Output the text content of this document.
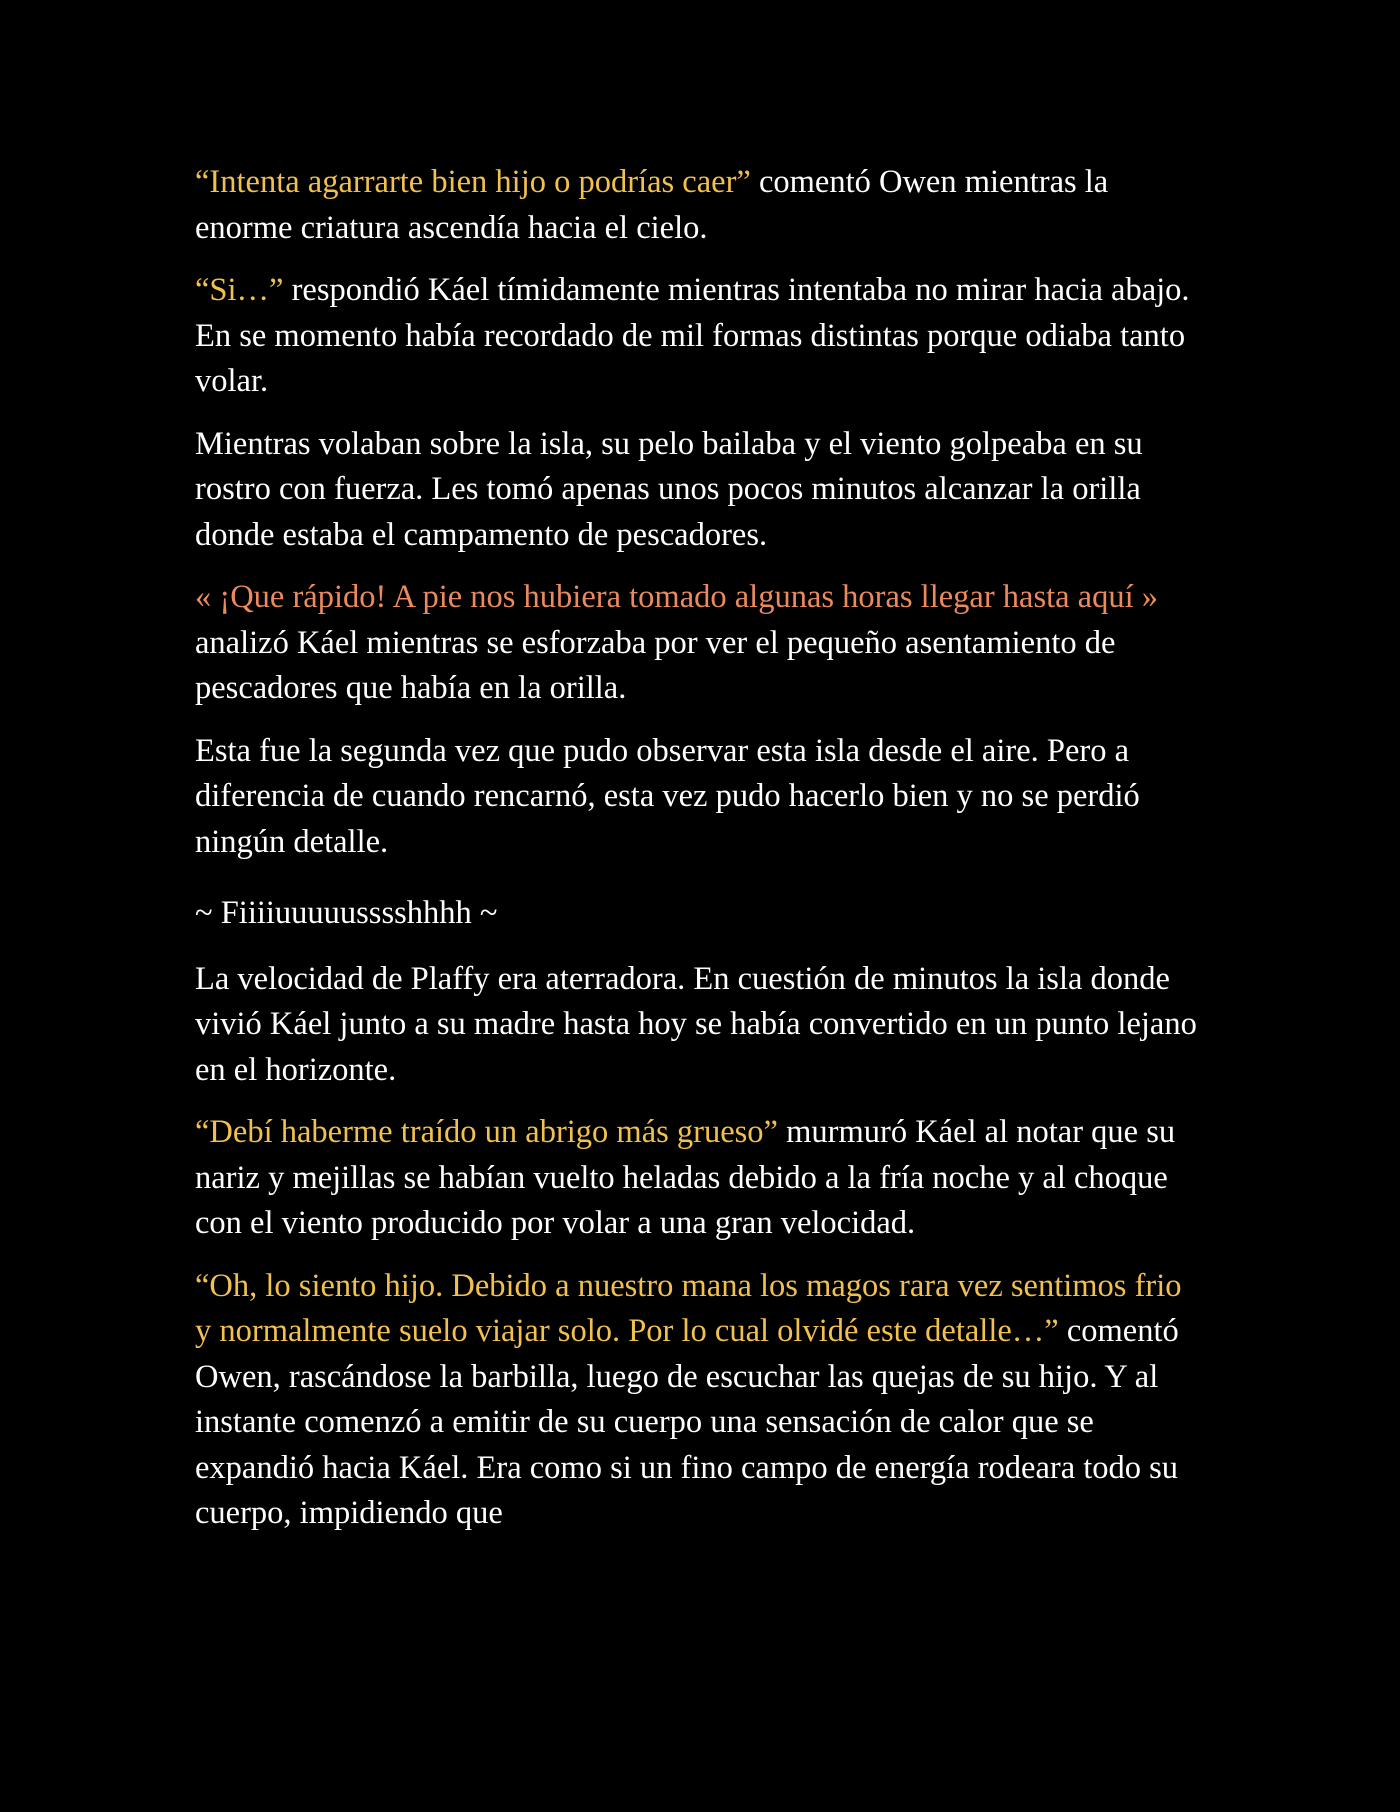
“Intenta agarrarte bien hijo o podrías caer” comentó Owen mientras la enorme criatura ascendía hacia el cielo.

“Si…” respondió Káel tímidamente mientras intentaba no mirar hacia abajo. En se momento había recordado de mil formas distintas porque odiaba tanto volar.

Mientras volaban sobre la isla, su pelo bailaba y el viento golpeaba en su rostro con fuerza. Les tomó apenas unos pocos minutos alcanzar la orilla donde estaba el campamento de pescadores.

« ¡Que rápido! A pie nos hubiera tomado algunas horas llegar hasta aquí » analizó Káel mientras se esforzaba por ver el pequeño asentamiento de pescadores que había en la orilla.

Esta fue la segunda vez que pudo observar esta isla desde el aire. Pero a diferencia de cuando rencarnó, esta vez pudo hacerlo bien y no se perdió ningún detalle.

~ Fiiiiuuuuusssshhhh ~

La velocidad de Plaffy era aterradora. En cuestión de minutos la isla donde vivió Káel junto a su madre hasta hoy se había convertido en un punto lejano en el horizonte.

“Debí haberme traído un abrigo más grueso” murmuró Káel al notar que su nariz y mejillas se habían vuelto heladas debido a la fría noche y al choque con el viento producido por volar a una gran velocidad.

“Oh, lo siento hijo. Debido a nuestro mana los magos rara vez sentimos frio y normalmente suelo viajar solo. Por lo cual olvidé este detalle…” comentó Owen, rascándose la barbilla, luego de escuchar las quejas de su hijo. Y al instante comenzó a emitir de su cuerpo una sensación de calor que se expandió hacia Káel. Era como si un fino campo de energía rodeara todo su cuerpo, impidiendo que
